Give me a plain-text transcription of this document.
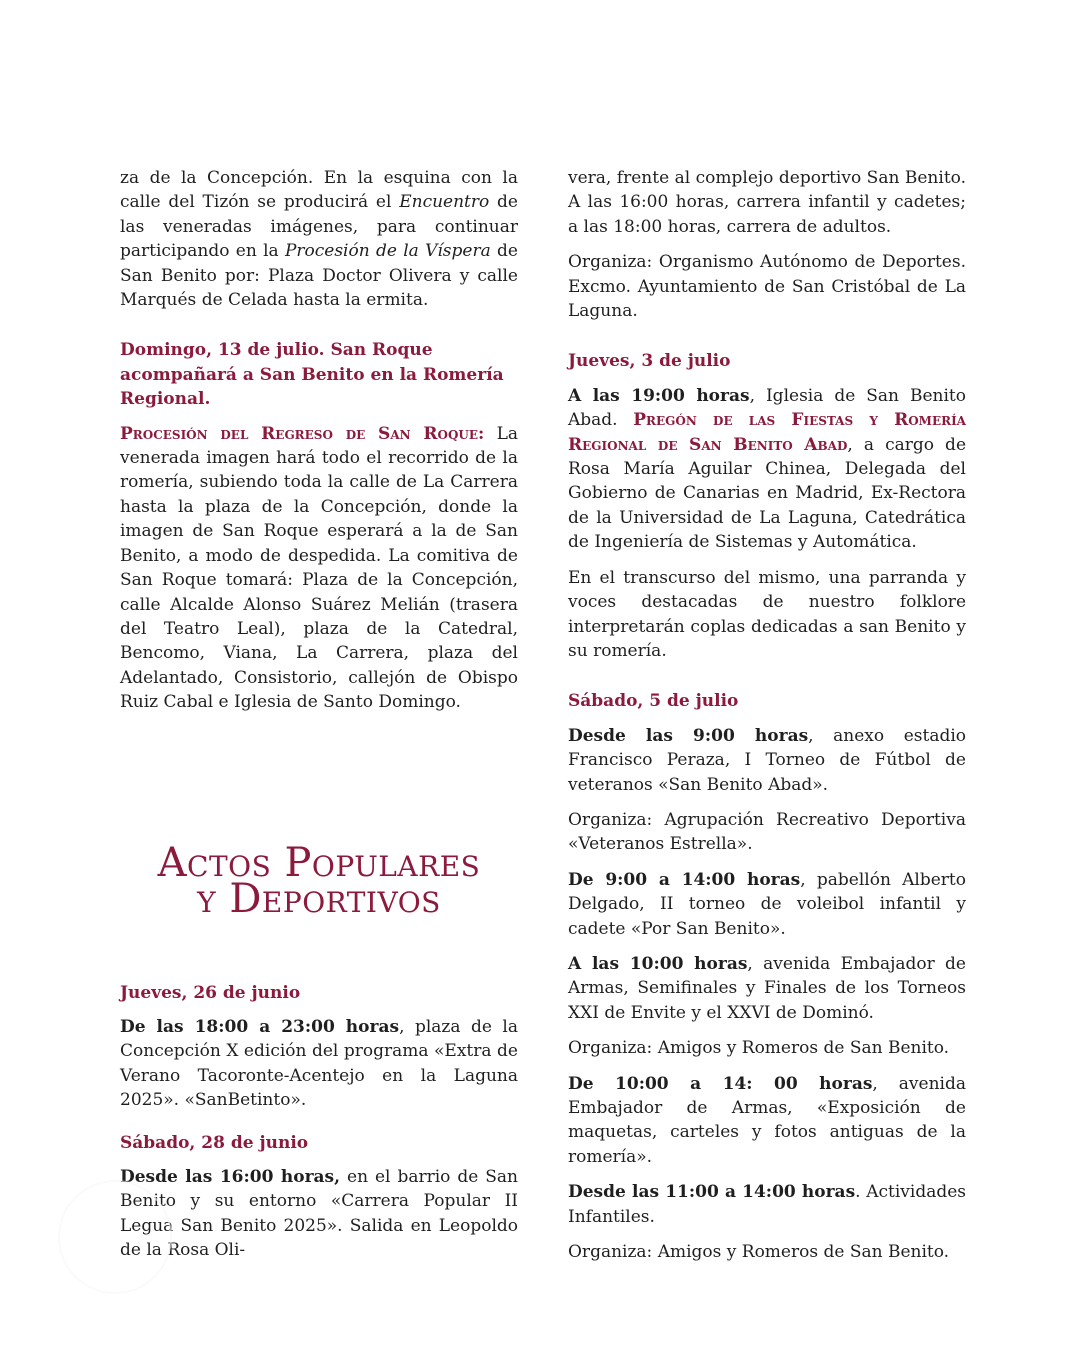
za de la Concepción. En la esquina con la calle del Tizón se producirá el Encuentro de las veneradas imágenes, para continuar participando en la Procesión de la Víspera de San Benito por: Plaza Doctor Olivera y calle Marqués de Celada hasta la ermita.

Domingo, 13 de julio. San Roque acompañará a San Benito en la Romería Regional.

Procesión del Regreso de San Roque: La venerada imagen hará todo el recorrido de la romería, subiendo toda la calle de La Carrera hasta la plaza de la Concepción, donde la imagen de San Roque esperará a la de San Benito, a modo de despedida. La comitiva de San Roque tomará: Plaza de la Concepción, calle Alcalde Alonso Suárez Melián (trasera del Teatro Leal), plaza de la Catedral, Bencomo, Viana, La Carrera, plaza del Adelantado, Consistorio, callejón de Obispo Ruiz Cabal e Iglesia de Santo Domingo.

Actos Populares
y Deportivos

Jueves, 26 de junio

De las 18:00 a 23:00 horas, plaza de la Concepción X edición del programa «Extra de Verano Tacoronte-Acentejo en la Laguna 2025». «SanBetinto».

Sábado, 28 de junio

Desde las 16:00 horas, en el barrio de San Benito y su entorno «Carrera Popular II Legua San Benito 2025». Salida en Leopoldo de la Rosa Oli-

vera, frente al complejo deportivo San Benito. A las 16:00 horas, carrera infantil y cadetes; a las 18:00 horas, carrera de adultos.

Organiza: Organismo Autónomo de Deportes. Excmo. Ayuntamiento de San Cristóbal de La Laguna.

Jueves, 3 de julio

A las 19:00 horas, Iglesia de San Benito Abad. Pregón de las Fiestas y Romería Regional de San Benito Abad, a cargo de Rosa María Aguilar Chinea, Delegada del Gobierno de Canarias en Madrid, Ex-Rectora de la Universidad de La Laguna, Catedrática de Ingeniería de Sistemas y Automática.

En el transcurso del mismo, una parranda y voces destacadas de nuestro folklore interpretarán coplas dedicadas a san Benito y su romería.

Sábado, 5 de julio

Desde las 9:00 horas, anexo estadio Francisco Peraza, I Torneo de Fútbol de veteranos «San Benito Abad».

Organiza: Agrupación Recreativo Deportiva «Veteranos Estrella».

De 9:00 a 14:00 horas, pabellón Alberto Delgado, II torneo de voleibol infantil y cadete «Por San Benito».

A las 10:00 horas, avenida Embajador de Armas, Semifinales y Finales de los Torneos XXI de Envite y el XXVI de Dominó.

Organiza: Amigos y Romeros de San Benito.

De 10:00 a 14: 00 horas, avenida Embajador de Armas, «Exposición de maquetas, carteles y fotos antiguas de la romería».

Desde las 11:00 a 14:00 horas. Actividades Infantiles.

Organiza: Amigos y Romeros de San Benito.
